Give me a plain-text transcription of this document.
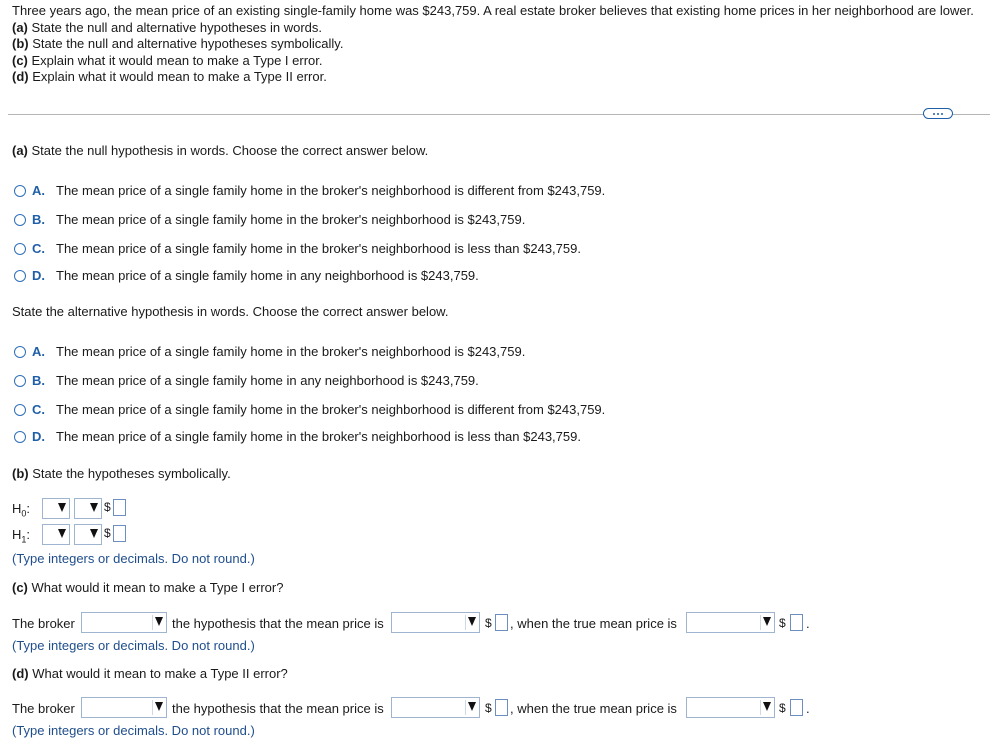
Three years ago, the mean price of an existing single-family home was $243,759. A real estate broker believes that existing home prices in her neighborhood are lower.
(a) State the null and alternative hypotheses in words.
(b) State the null and alternative hypotheses symbolically.
(c) Explain what it would mean to make a Type I error.
(d) Explain what it would mean to make a Type II error.
(a) State the null hypothesis in words. Choose the correct answer below.
A. The mean price of a single family home in the broker's neighborhood is different from $243,759.
B. The mean price of a single family home in the broker's neighborhood is $243,759.
C. The mean price of a single family home in the broker's neighborhood is less than $243,759.
D. The mean price of a single family home in any neighborhood is $243,759.
State the alternative hypothesis in words. Choose the correct answer below.
A. The mean price of a single family home in the broker's neighborhood is $243,759.
B. The mean price of a single family home in any neighborhood is $243,759.
C. The mean price of a single family home in the broker's neighborhood is different from $243,759.
D. The mean price of a single family home in the broker's neighborhood is less than $243,759.
(b) State the hypotheses symbolically.
$H_0$:	$
$H_1$:	$
(Type integers or decimals. Do not round.)
(c) What would it mean to make a Type I error?
The broker	the hypothesis that the mean price is	$ , when the true mean price is	$ .
(Type integers or decimals. Do not round.)
(d) What would it mean to make a Type II error?
The broker	the hypothesis that the mean price is	$ , when the true mean price is	$ .
(Type integers or decimals. Do not round.)
